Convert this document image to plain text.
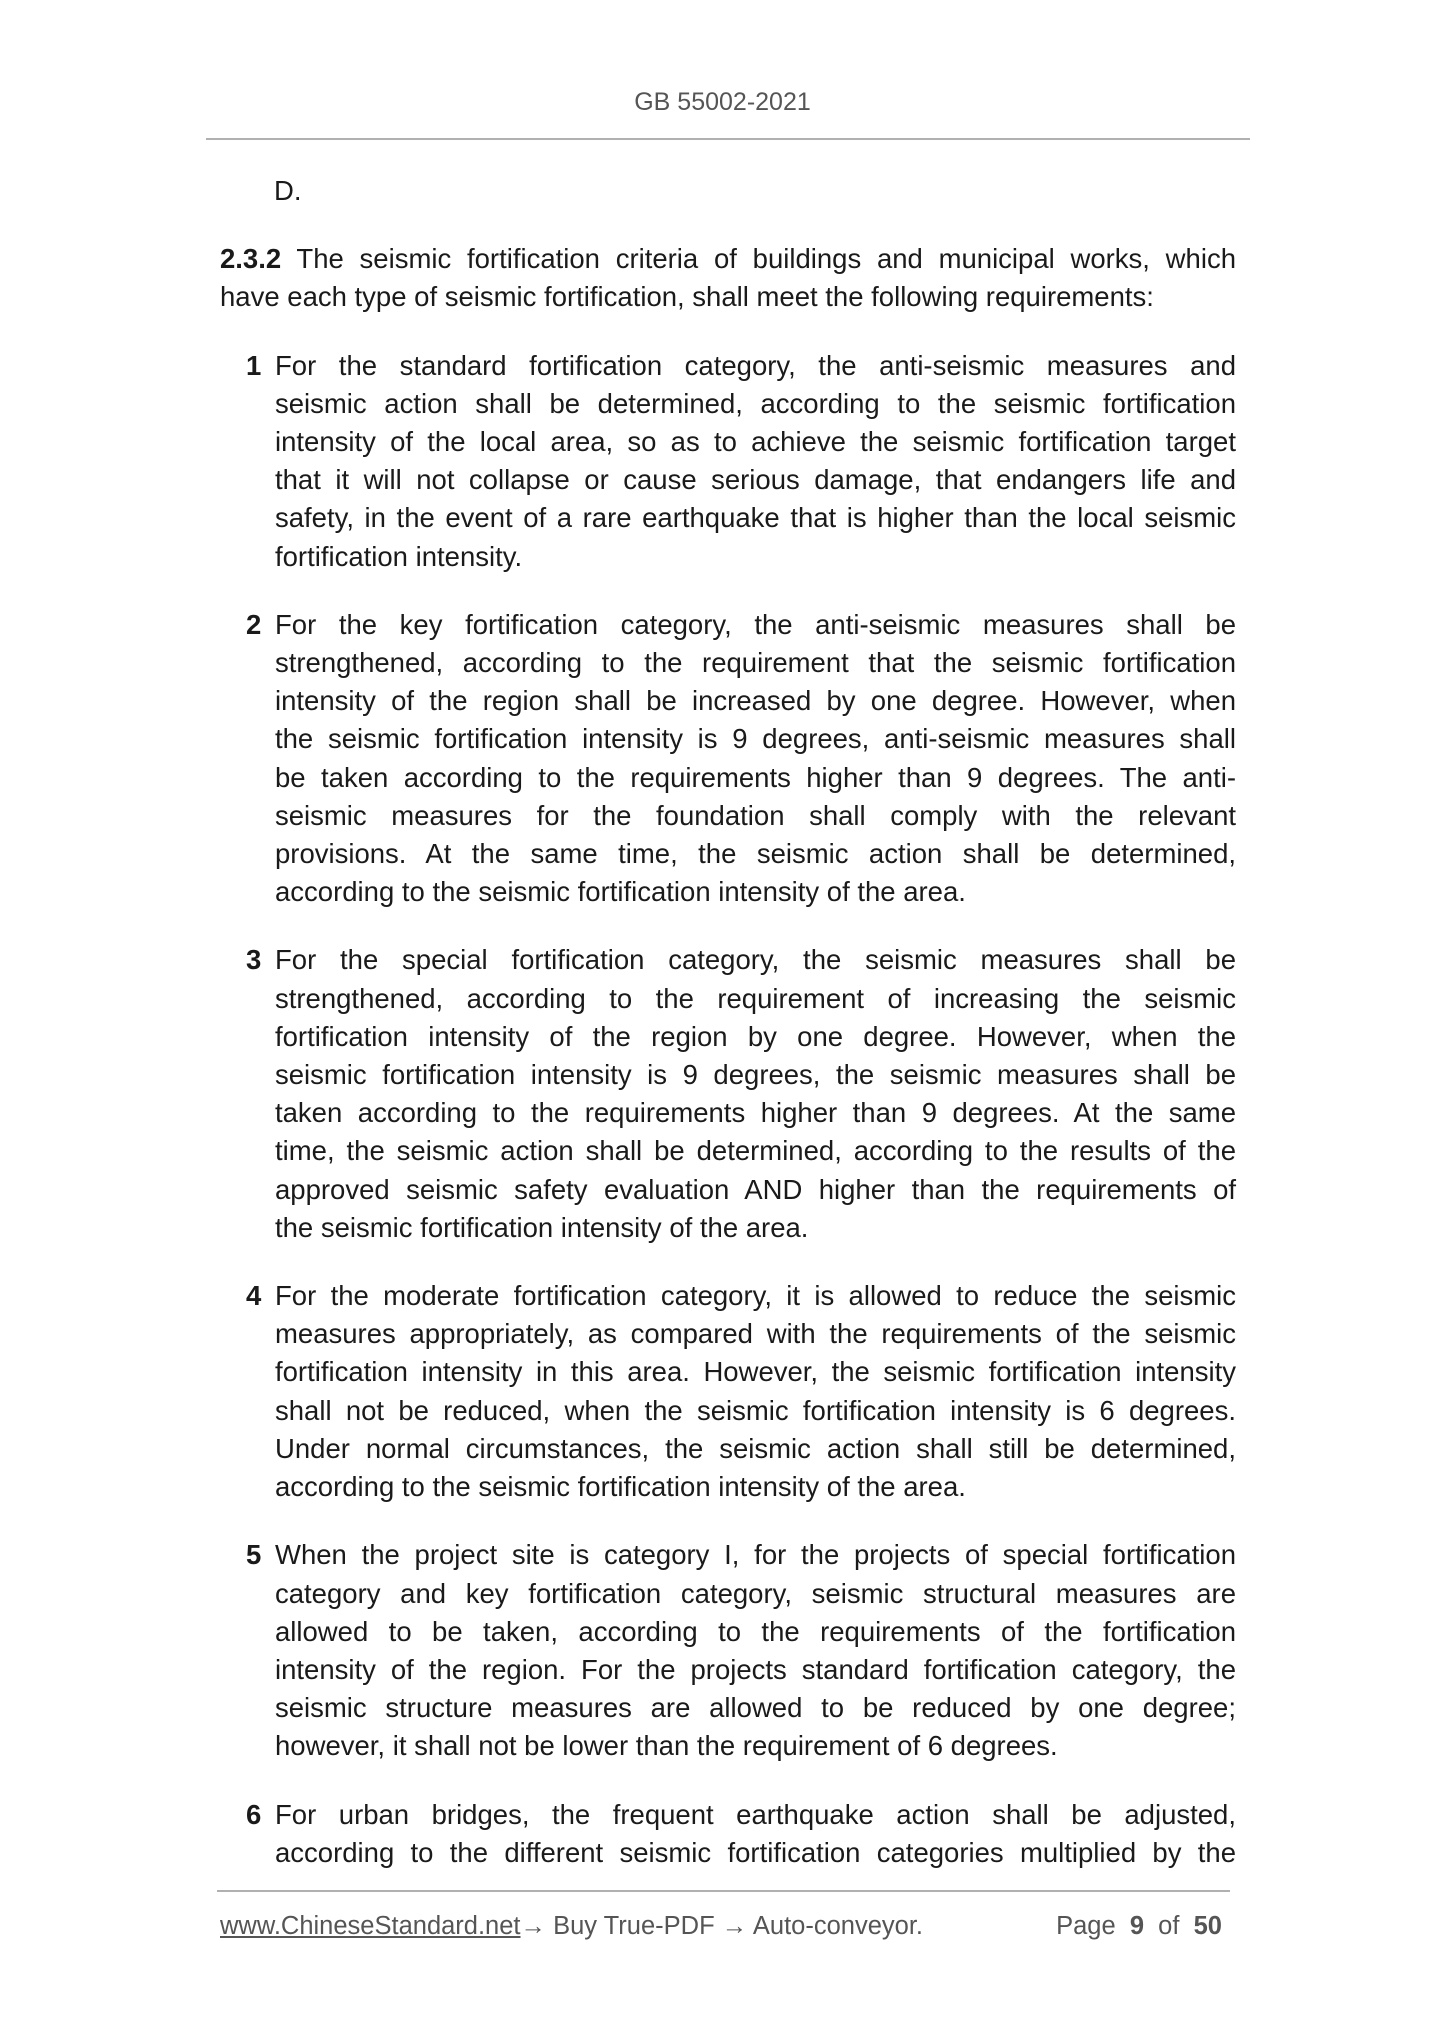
GB 55002-2021
D.
2.3.2 The seismic fortification criteria of buildings and municipal works, which
have each type of seismic fortification, shall meet the following requirements:
1 For the standard fortification category, the anti-seismic measures and
seismic action shall be determined, according to the seismic fortification
intensity of the local area, so as to achieve the seismic fortification target
that it will not collapse or cause serious damage, that endangers life and
safety, in the event of a rare earthquake that is higher than the local seismic
fortification intensity.
2 For the key fortification category, the anti-seismic measures shall be
strengthened, according to the requirement that the seismic fortification
intensity of the region shall be increased by one degree. However, when
the seismic fortification intensity is 9 degrees, anti-seismic measures shall
be taken according to the requirements higher than 9 degrees. The anti-
seismic measures for the foundation shall comply with the relevant
provisions. At the same time, the seismic action shall be determined,
according to the seismic fortification intensity of the area.
3 For the special fortification category, the seismic measures shall be
strengthened, according to the requirement of increasing the seismic
fortification intensity of the region by one degree. However, when the
seismic fortification intensity is 9 degrees, the seismic measures shall be
taken according to the requirements higher than 9 degrees. At the same
time, the seismic action shall be determined, according to the results of the
approved seismic safety evaluation AND higher than the requirements of
the seismic fortification intensity of the area.
4 For the moderate fortification category, it is allowed to reduce the seismic
measures appropriately, as compared with the requirements of the seismic
fortification intensity in this area. However, the seismic fortification intensity
shall not be reduced, when the seismic fortification intensity is 6 degrees.
Under normal circumstances, the seismic action shall still be determined,
according to the seismic fortification intensity of the area.
5 When the project site is category I, for the projects of special fortification
category and key fortification category, seismic structural measures are
allowed to be taken, according to the requirements of the fortification
intensity of the region. For the projects standard fortification category, the
seismic structure measures are allowed to be reduced by one degree;
however, it shall not be lower than the requirement of 6 degrees.
6 For urban bridges, the frequent earthquake action shall be adjusted,
according to the different seismic fortification categories multiplied by the
www.ChineseStandard.net→ Buy True-PDF → Auto-conveyor.	Page 9 of 50
